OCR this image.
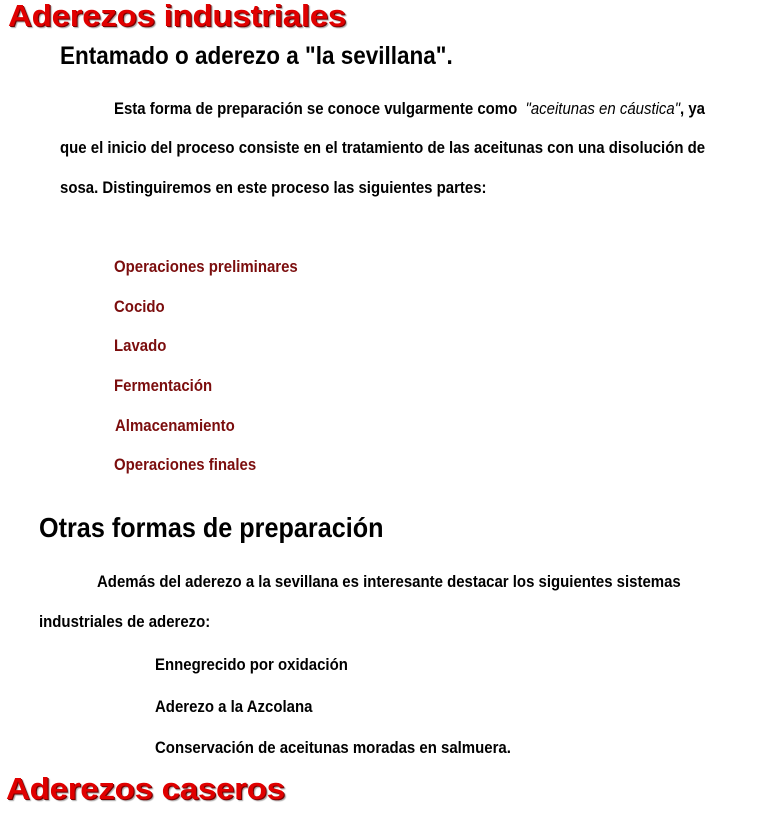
Aderezos industriales
Entamado o aderezo a "la sevillana".
Esta forma de preparación se conoce vulgarmente como "aceitunas en cáustica", ya
que el inicio del proceso consiste en el tratamiento de las aceitunas con una disolución de
sosa. Distinguiremos en este proceso las siguientes partes:
Operaciones preliminares
Cocido
Lavado
Fermentación
Almacenamiento
Operaciones finales
Otras formas de preparación
Además del aderezo a la sevillana es interesante destacar los siguientes sistemas
industriales de aderezo:
Ennegrecido por oxidación
Aderezo a la Azcolana
Conservación de aceitunas moradas en salmuera.
Aderezos caseros
